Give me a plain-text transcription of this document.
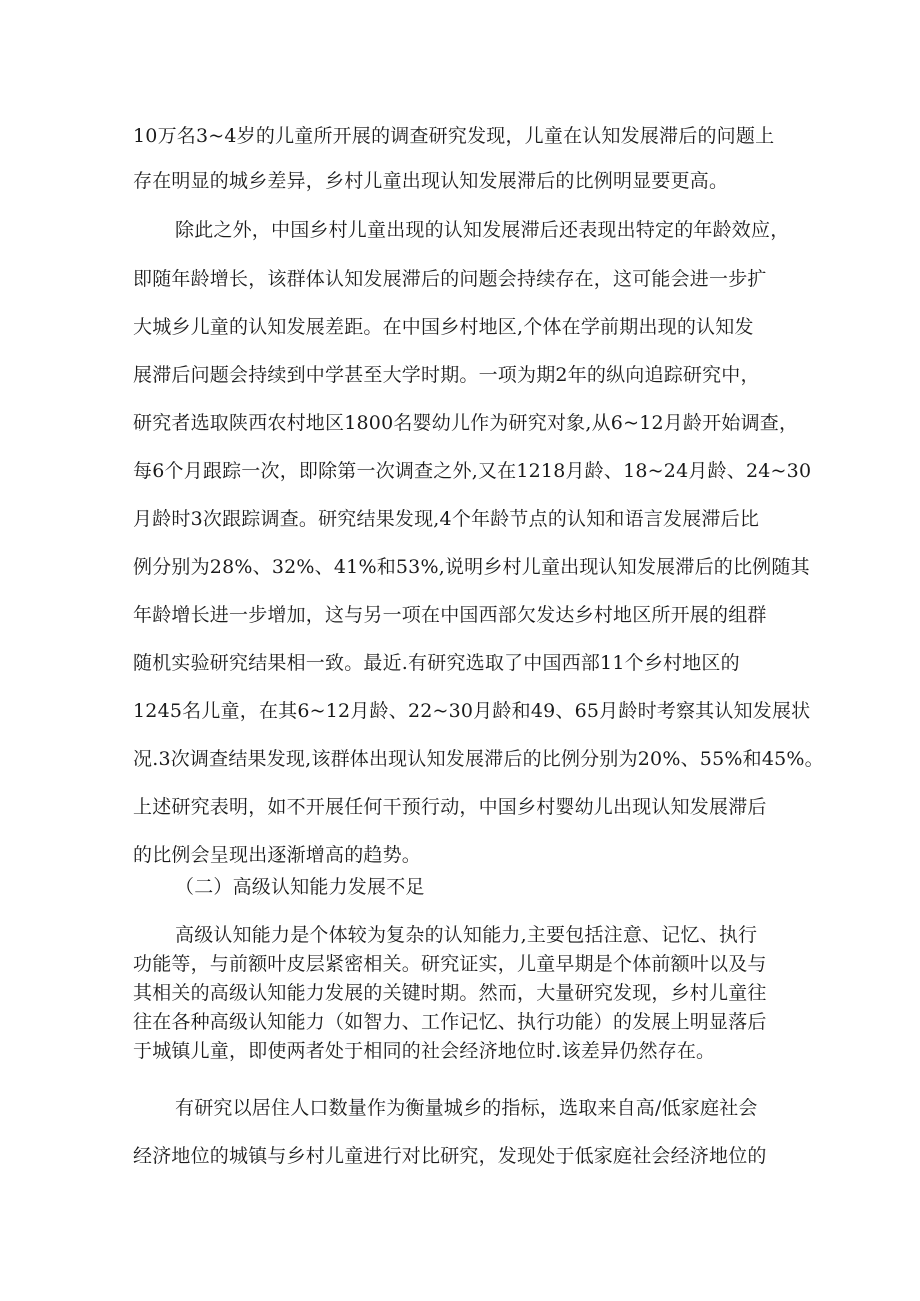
10万名3~4岁的儿童所开展的调查研究发现，儿童在认知发展滞后的问题上
存在明显的城乡差异，乡村儿童出现认知发展滞后的比例明显要更高。
除此之外，中国乡村儿童出现的认知发展滞后还表现出特定的年龄效应，
即随年龄增长，该群体认知发展滞后的问题会持续存在，这可能会进一步扩
大城乡儿童的认知发展差距。在中国乡村地区,个体在学前期出现的认知发
展滞后问题会持续到中学甚至大学时期。一项为期2年的纵向追踪研究中，
研究者选取陕西农村地区1800名婴幼儿作为研究对象,从6~12月龄开始调查，
每6个月跟踪一次，即除第一次调查之外,又在1218月龄、18~24月龄、24~30
月龄时3次跟踪调查。研究结果发现,4个年龄节点的认知和语言发展滞后比
例分别为28%、32%、41%和53%,说明乡村儿童出现认知发展滞后的比例随其
年龄增长进一步增加，这与另一项在中国西部欠发达乡村地区所开展的组群
随机实验研究结果相一致。最近.有研究选取了中国西部11个乡村地区的
1245名儿童，在其6~12月龄、22~30月龄和49、65月龄时考察其认知发展状
况.3次调查结果发现,该群体出现认知发展滞后的比例分别为20%、55%和45%。
上述研究表明，如不开展任何干预行动，中国乡村婴幼儿出现认知发展滞后
的比例会呈现出逐渐增高的趋势。
（二）高级认知能力发展不足
高级认知能力是个体较为复杂的认知能力,主要包括注意、记忆、执行
功能等，与前额叶皮层紧密相关。研究证实，儿童早期是个体前额叶以及与
其相关的高级认知能力发展的关键时期。然而，大量研究发现，乡村儿童往
往在各种高级认知能力（如智力、工作记忆、执行功能）的发展上明显落后
于城镇儿童，即使两者处于相同的社会经济地位时.该差异仍然存在。
有研究以居住人口数量作为衡量城乡的指标，选取来自高/低家庭社会
经济地位的城镇与乡村儿童进行对比研究，发现处于低家庭社会经济地位的
